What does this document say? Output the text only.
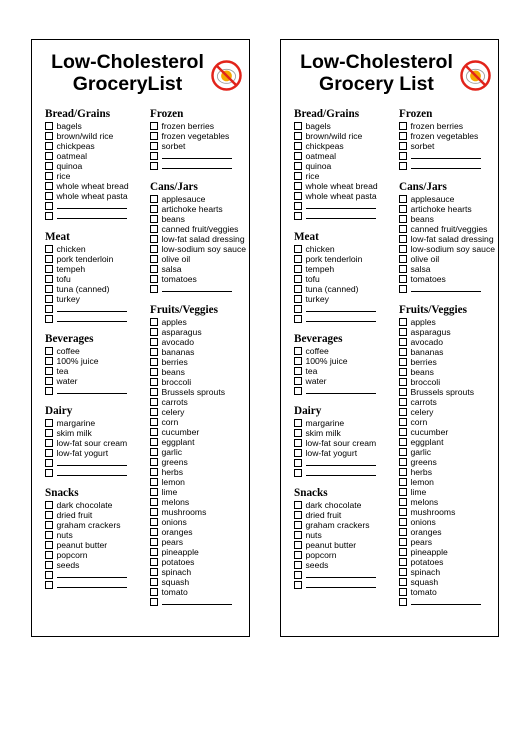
Low-Cholesterol
GroceryList
Bread/Grains
bagels
brown/wild rice
chickpeas
oatmeal
quinoa
rice
whole wheat bread
whole wheat pasta
Meat
chicken
pork tenderloin
tempeh
tofu
tuna (canned)
turkey
Beverages
coffee
100% juice
tea
water
Dairy
margarine
skim milk
low-fat sour cream
low-fat yogurt
Snacks
dark chocolate
dried fruit
graham crackers
nuts
peanut butter
popcorn
seeds
Frozen
frozen berries
frozen vegetables
sorbet
Cans/Jars
applesauce
artichoke hearts
beans
canned fruit/veggies
low-fat salad dressing
low-sodium soy sauce
olive oil
salsa
tomatoes
Fruits/Veggies
apples
asparagus
avocado
bananas
berries
beans
broccoli
Brussels sprouts
carrots
celery
corn
cucumber
eggplant
garlic
greens
herbs
lemon
lime
melons
mushrooms
onions
oranges
pears
pineapple
potatoes
spinach
squash
tomato
Low-Cholesterol
Grocery List
Bread/Grains
bagels
brown/wild rice
chickpeas
oatmeal
quinoa
rice
whole wheat bread
whole wheat pasta
Meat
chicken
pork tenderloin
tempeh
tofu
tuna (canned)
turkey
Beverages
coffee
100% juice
tea
water
Dairy
margarine
skim milk
low-fat sour cream
low-fat yogurt
Snacks
dark chocolate
dried fruit
graham crackers
nuts
peanut butter
popcorn
seeds
Frozen
frozen berries
frozen vegetables
sorbet
Cans/Jars
applesauce
artichoke hearts
beans
canned fruit/veggies
low-fat salad dressing
low-sodium soy sauce
olive oil
salsa
tomatoes
Fruits/Veggies
apples
asparagus
avocado
bananas
berries
beans
broccoli
Brussels sprouts
carrots
celery
corn
cucumber
eggplant
garlic
greens
herbs
lemon
lime
melons
mushrooms
onions
oranges
pears
pineapple
potatoes
spinach
squash
tomato
